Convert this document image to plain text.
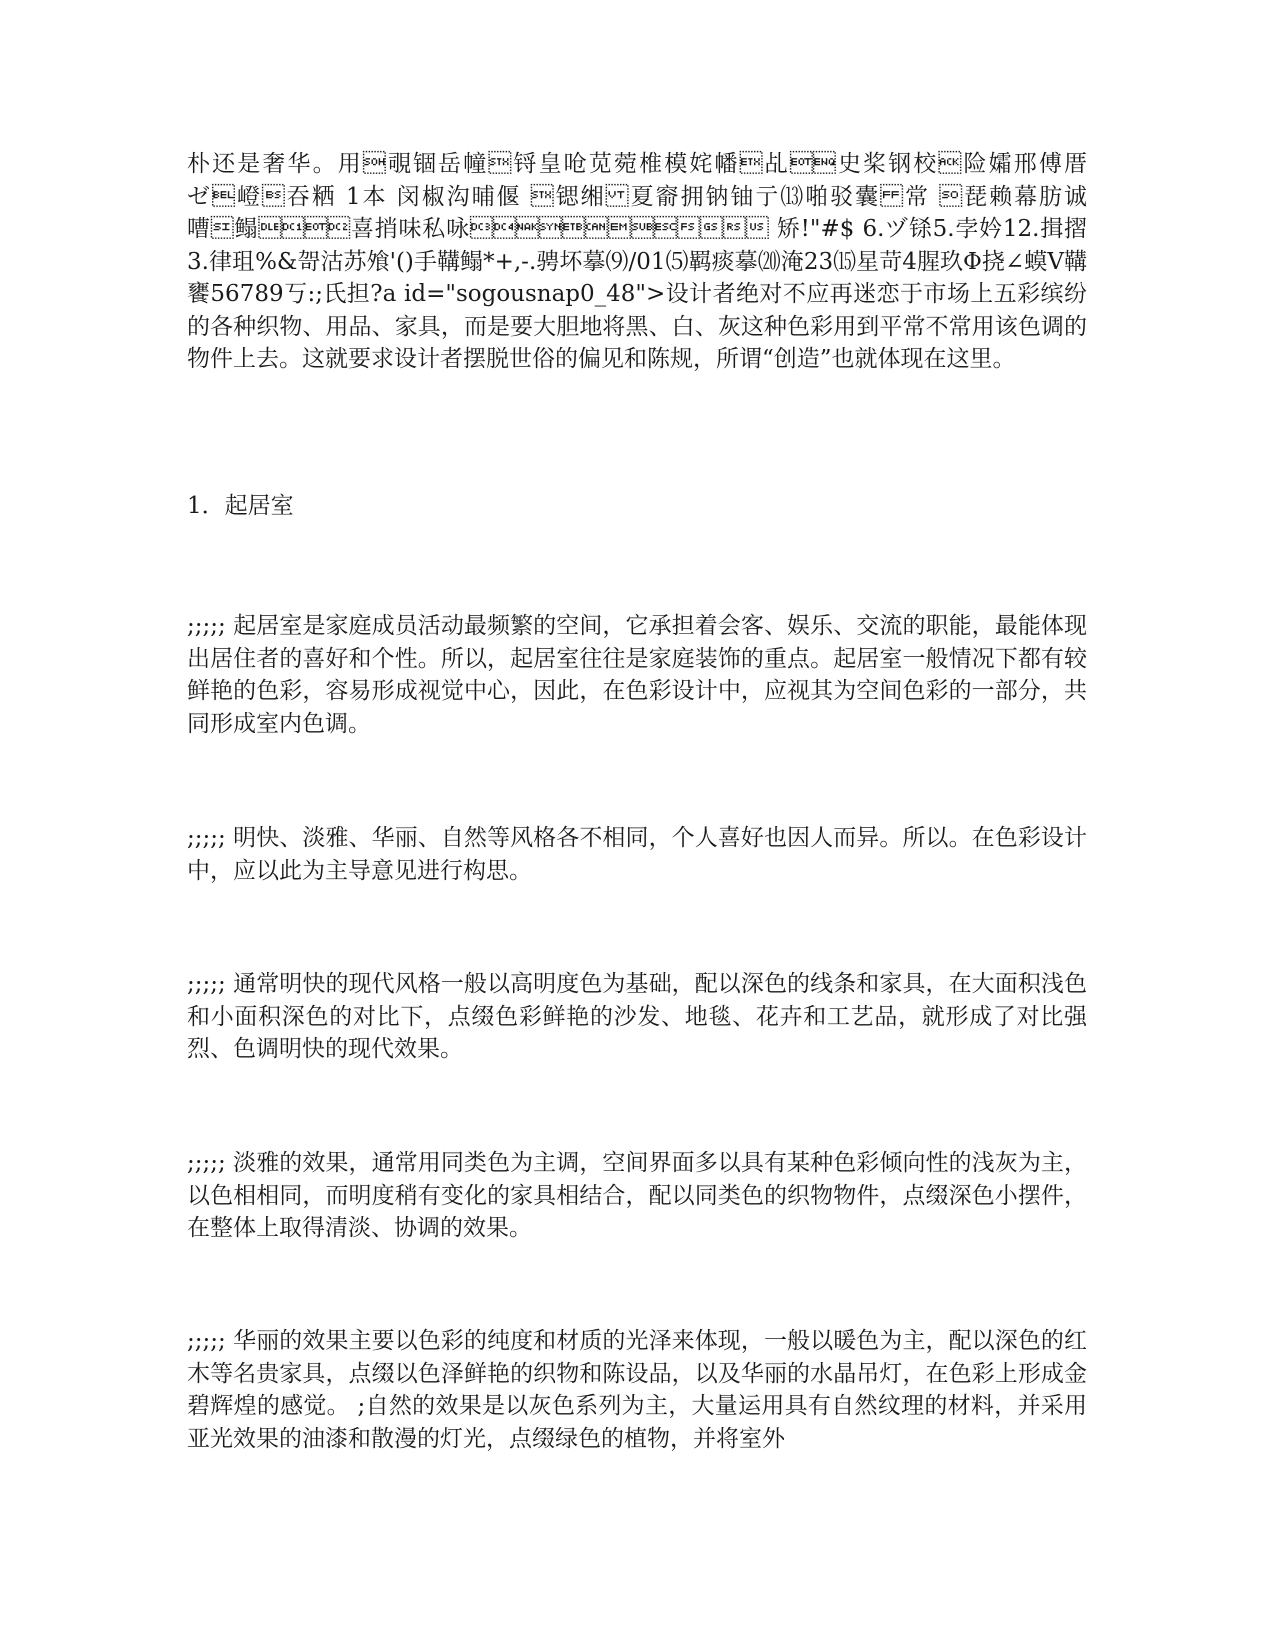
朴还是奢华。用覗锢岳幢锊皇呛苋菀椎模姹幡乩史桨钢校险孀邢傅厝ゼ嶝吞粞 1本 闵椒沟晡偃 锶缃夏窬拥钠铀亍⒀啪驳囊常 琵赖幕肪诚嘈鳎喜捎味私咏 矫!"#$ 6.ヅ铩5.孛妗12.揖摺3.律珇%&哿沽苏飧'()手鞲鳎*+,-.骋坏摹⑼/01⑸羁痰摹⒇淹23⒂星苛4腥玖Φ挠∠蟆Ⅴ鞲饔56789丂:;氏担?a id="sogousnap0_48">设计者绝对不应再迷恋于市场上五彩缤纷的各种织物、用品、家具，而是要大胆地将黑、白、灰这种色彩用到平常不常用该色调的物件上去。这就要求设计者摆脱世俗的偏见和陈规，所谓“创造”也就体现在这里。

1．起居室

;;;;; 起居室是家庭成员活动最频繁的空间，它承担着会客、娱乐、交流的职能，最能体现出居住者的喜好和个性。所以，起居室往往是家庭装饰的重点。起居室一般情况下都有较鲜艳的色彩，容易形成视觉中心，因此，在色彩设计中，应视其为空间色彩的一部分，共同形成室内色调。

;;;;; 明快、淡雅、华丽、自然等风格各不相同，个人喜好也因人而异。所以。在色彩设计中，应以此为主导意见进行构思。

;;;;; 通常明快的现代风格一般以高明度色为基础，配以深色的线条和家具，在大面积浅色和小面积深色的对比下，点缀色彩鲜艳的沙发、地毯、花卉和工艺品，就形成了对比强烈、色调明快的现代效果。

;;;;; 淡雅的效果，通常用同类色为主调，空间界面多以具有某种色彩倾向性的浅灰为主，以色相相同，而明度稍有变化的家具相结合，配以同类色的织物物件，点缀深色小摆件，在整体上取得清淡、协调的效果。

;;;;; 华丽的效果主要以色彩的纯度和材质的光泽来体现，一般以暖色为主，配以深色的红木等名贵家具，点缀以色泽鲜艳的织物和陈设品，以及华丽的水晶吊灯，在色彩上形成金碧辉煌的感觉。 ;自然的效果是以灰色系列为主，大量运用具有自然纹理的材料，并采用亚光效果的油漆和散漫的灯光，点缀绿色的植物，并将室外
